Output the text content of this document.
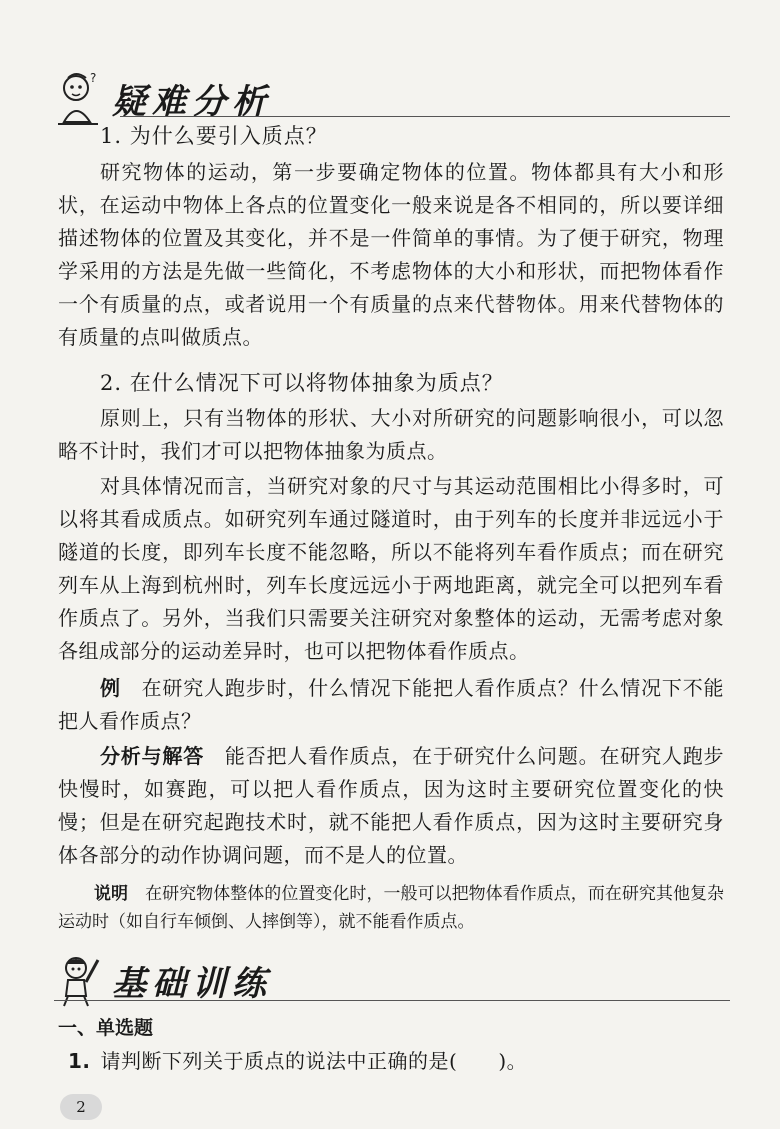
?
疑难分析
1. 为什么要引入质点？
研究物体的运动，第一步要确定物体的位置。物体都具有大小和形状，在运动中物体上各点的位置变化一般来说是各不相同的，所以要详细描述物体的位置及其变化，并不是一件简单的事情。为了便于研究，物理学采用的方法是先做一些简化，不考虑物体的大小和形状，而把物体看作一个有质量的点，或者说用一个有质量的点来代替物体。用来代替物体的有质量的点叫做质点。
2. 在什么情况下可以将物体抽象为质点？
原则上，只有当物体的形状、大小对所研究的问题影响很小，可以忽略不计时，我们才可以把物体抽象为质点。
对具体情况而言，当研究对象的尺寸与其运动范围相比小得多时，可以将其看成质点。如研究列车通过隧道时，由于列车的长度并非远远小于隧道的长度，即列车长度不能忽略，所以不能将列车看作质点；而在研究列车从上海到杭州时，列车长度远远小于两地距离，就完全可以把列车看作质点了。另外，当我们只需要关注研究对象整体的运动，无需考虑对象各组成部分的运动差异时，也可以把物体看作质点。
例　 在研究人跑步时，什么情况下能把人看作质点？什么情况下不能把人看作质点？
分析与解答　 能否把人看作质点，在于研究什么问题。在研究人跑步快慢时，如赛跑，可以把人看作质点，因为这时主要研究位置变化的快慢；但是在研究起跑技术时，就不能把人看作质点，因为这时主要研究身体各部分的动作协调问题，而不是人的位置。
说明　 在研究物体整体的位置变化时，一般可以把物体看作质点，而在研究其他复杂运动时（如自行车倾倒、人摔倒等），就不能看作质点。
基础训练
一、单选题
1. 请判断下列关于质点的说法中正确的是(　　)。
2
